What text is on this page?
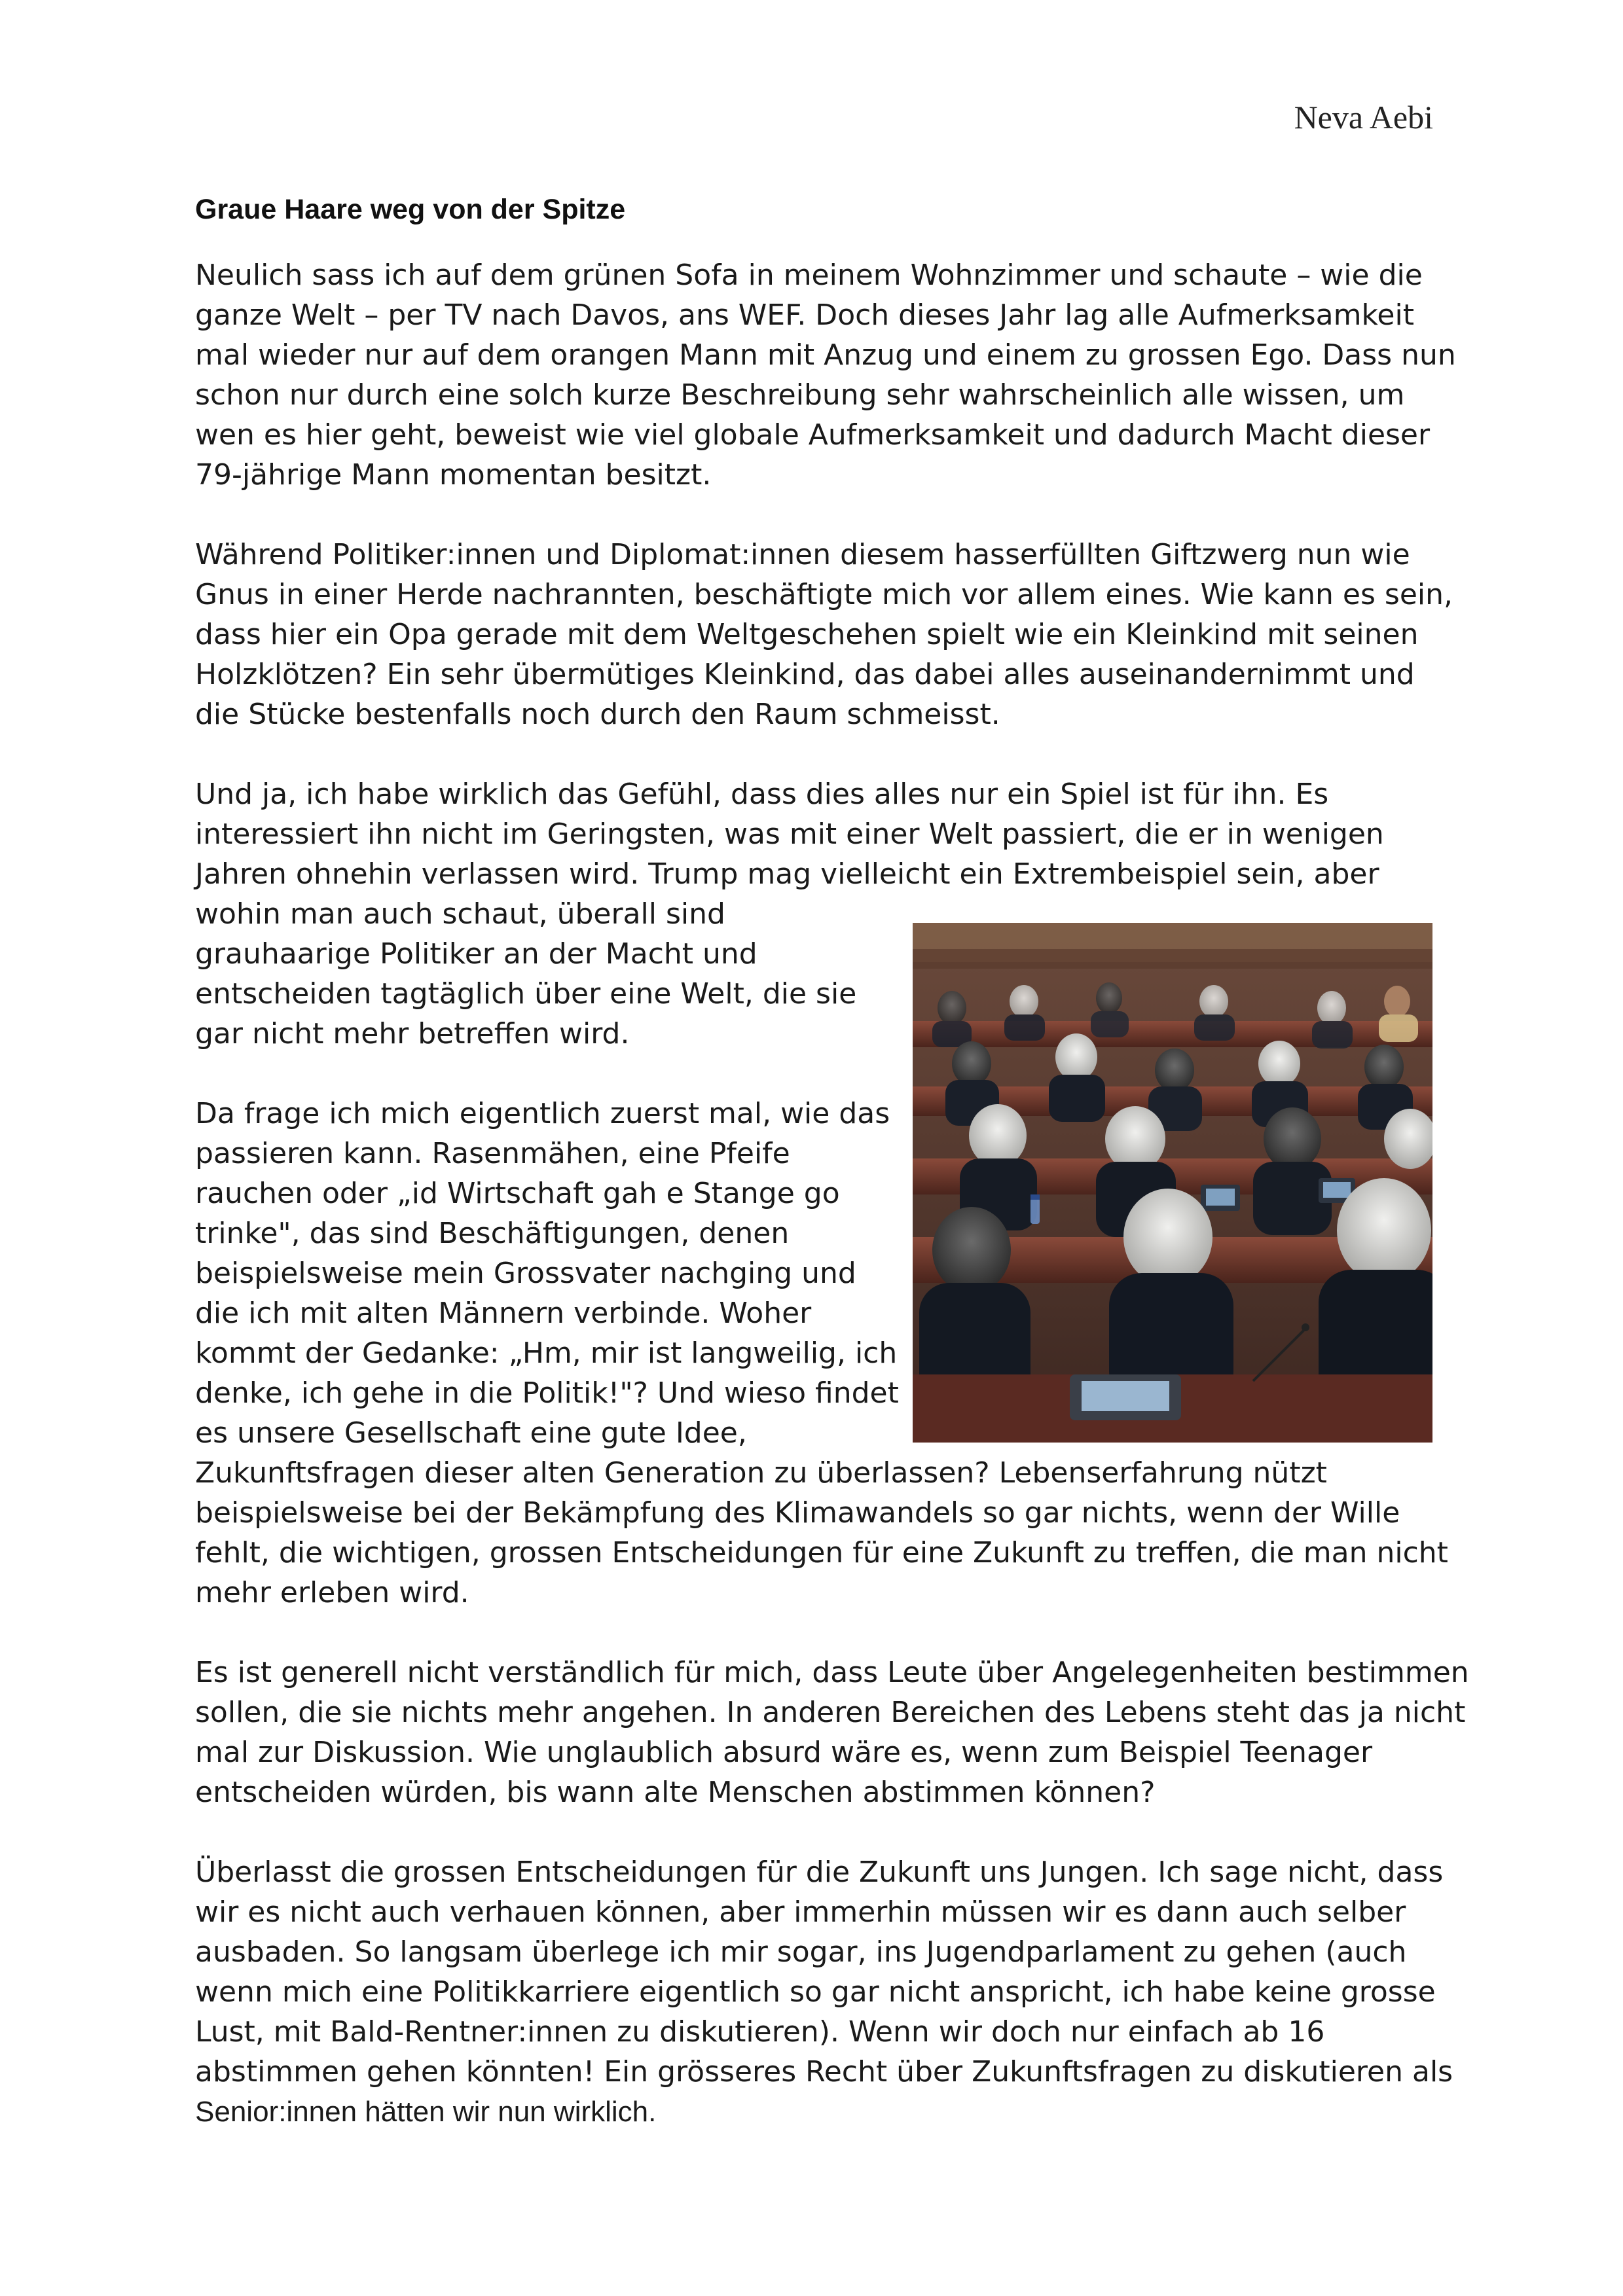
Neva Aebi
Graue Haare weg von der Spitze

Neulich sass ich auf dem grünen Sofa in meinem Wohnzimmer und schaute – wie die
ganze Welt – per TV nach Davos, ans WEF. Doch dieses Jahr lag alle Aufmerksamkeit
mal wieder nur auf dem orangen Mann mit Anzug und einem zu grossen Ego. Dass nun
schon nur durch eine solch kurze Beschreibung sehr wahrscheinlich alle wissen, um
wen es hier geht, beweist wie viel globale Aufmerksamkeit und dadurch Macht dieser
79-jährige Mann momentan besitzt.

Während Politiker:innen und Diplomat:innen diesem hasserfüllten Giftzwerg nun wie
Gnus in einer Herde nachrannten, beschäftigte mich vor allem eines. Wie kann es sein,
dass hier ein Opa gerade mit dem Weltgeschehen spielt wie ein Kleinkind mit seinen
Holzklötzen? Ein sehr übermütiges Kleinkind, das dabei alles auseinandernimmt und
die Stücke bestenfalls noch durch den Raum schmeisst.

Und ja, ich habe wirklich das Gefühl, dass dies alles nur ein Spiel ist für ihn. Es
interessiert ihn nicht im Geringsten, was mit einer Welt passiert, die er in wenigen
Jahren ohnehin verlassen wird. Trump mag vielleicht ein Extrembeispiel sein, aber
wohin man auch schaut, überall sind
grauhaarige Politiker an der Macht und
entscheiden tagtäglich über eine Welt, die sie
gar nicht mehr betreffen wird.

Da frage ich mich eigentlich zuerst mal, wie das
passieren kann. Rasenmähen, eine Pfeife
rauchen oder „id Wirtschaft gah e Stange go
trinke", das sind Beschäftigungen, denen
beispielsweise mein Grossvater nachging und
die ich mit alten Männern verbinde. Woher
kommt der Gedanke: „Hm, mir ist langweilig, ich
denke, ich gehe in die Politik!"? Und wieso findet
es unsere Gesellschaft eine gute Idee,
Zukunftsfragen dieser alten Generation zu überlassen? Lebenserfahrung nützt
beispielsweise bei der Bekämpfung des Klimawandels so gar nichts, wenn der Wille
fehlt, die wichtigen, grossen Entscheidungen für eine Zukunft zu treffen, die man nicht
mehr erleben wird.

Es ist generell nicht verständlich für mich, dass Leute über Angelegenheiten bestimmen
sollen, die sie nichts mehr angehen. In anderen Bereichen des Lebens steht das ja nicht
mal zur Diskussion. Wie unglaublich absurd wäre es, wenn zum Beispiel Teenager
entscheiden würden, bis wann alte Menschen abstimmen können?

Überlasst die grossen Entscheidungen für die Zukunft uns Jungen. Ich sage nicht, dass
wir es nicht auch verhauen können, aber immerhin müssen wir es dann auch selber
ausbaden. So langsam überlege ich mir sogar, ins Jugendparlament zu gehen (auch
wenn mich eine Politikkarriere eigentlich so gar nicht anspricht, ich habe keine grosse
Lust, mit Bald-Rentner:innen zu diskutieren). Wenn wir doch nur einfach ab 16
abstimmen gehen könnten! Ein grösseres Recht über Zukunftsfragen zu diskutieren als
Senior:innen hätten wir nun wirklich.
